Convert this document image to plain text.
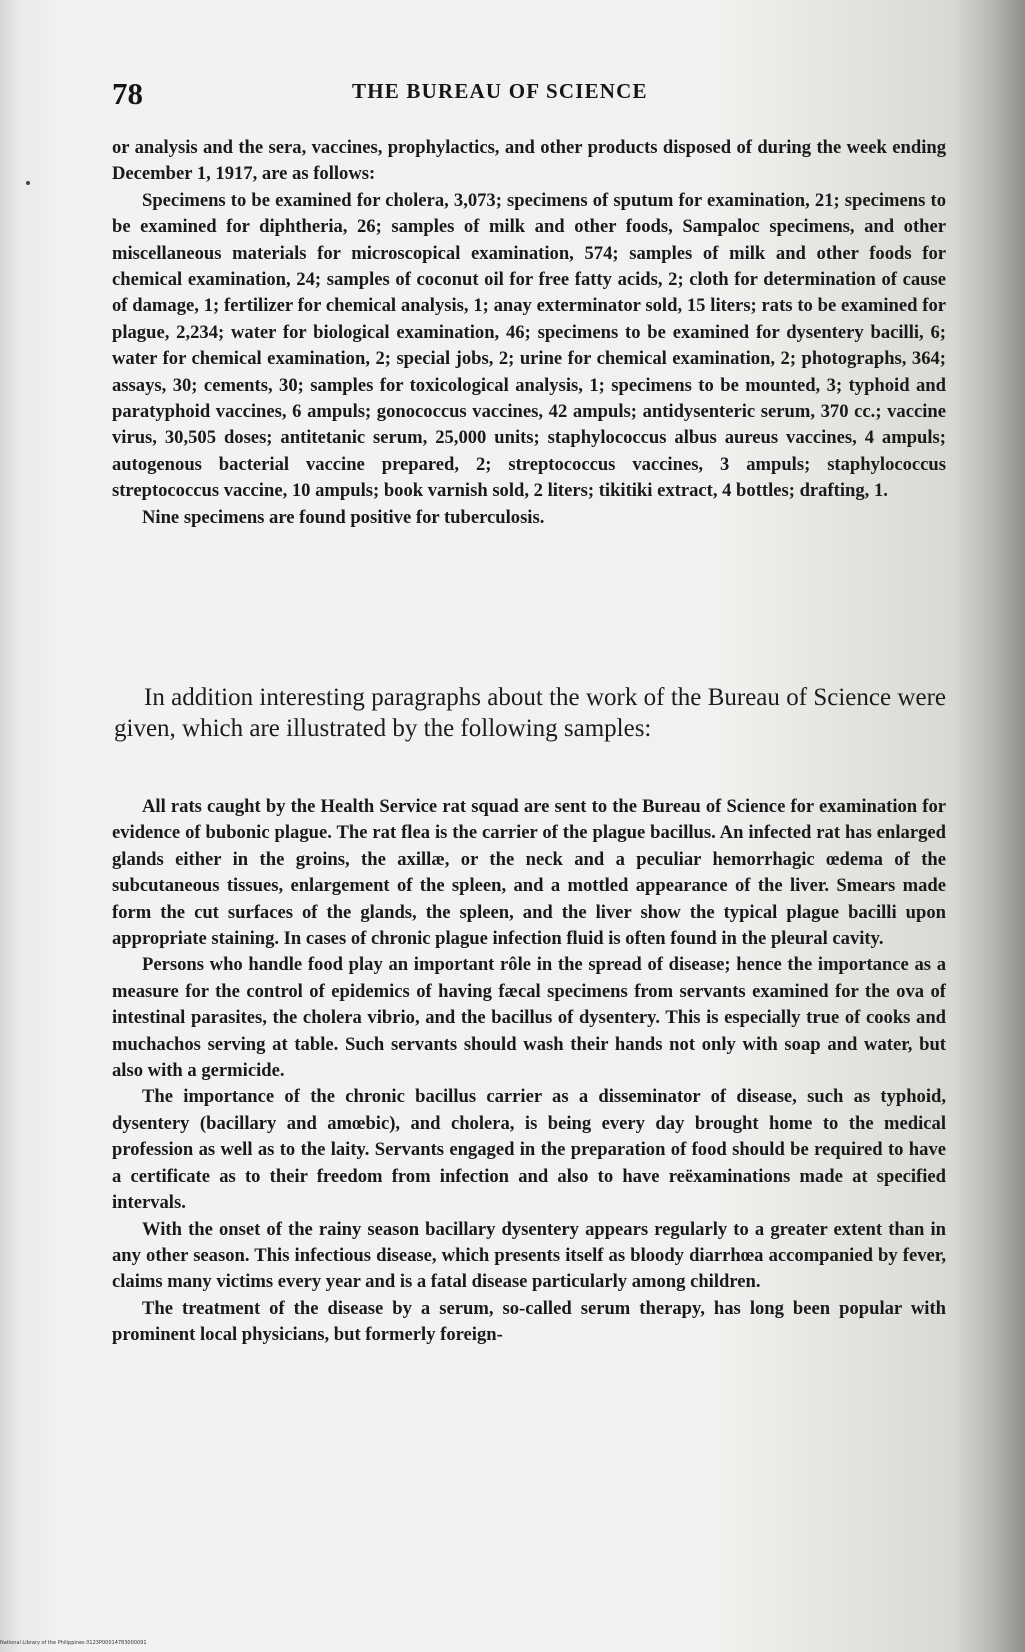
78	THE BUREAU OF SCIENCE

or analysis and the sera, vaccines, prophylactics, and other products disposed of during the week ending December 1, 1917, are as follows:

Specimens to be examined for cholera, 3,073; specimens of sputum for examination, 21; specimens to be examined for diphtheria, 26; samples of milk and other foods, Sampaloc specimens, and other miscellaneous materials for microscopical examination, 574; samples of milk and other foods for chemical examination, 24; samples of coconut oil for free fatty acids, 2; cloth for determination of cause of damage, 1; fertilizer for chemical analysis, 1; anay exterminator sold, 15 liters; rats to be examined for plague, 2,234; water for biological examination, 46; specimens to be examined for dysentery bacilli, 6; water for chemical examination, 2; special jobs, 2; urine for chemical examination, 2; photographs, 364; assays, 30; cements, 30; samples for toxicological analysis, 1; specimens to be mounted, 3; typhoid and paratyphoid vaccines, 6 ampuls; gonococcus vaccines, 42 ampuls; antidysenteric serum, 370 cc.; vaccine virus, 30,505 doses; antitetanic serum, 25,000 units; staphylococcus albus aureus vaccines, 4 ampuls; autogenous bacterial vaccine prepared, 2; streptococcus vaccines, 3 ampuls; staphylococcus streptococcus vaccine, 10 ampuls; book varnish sold, 2 liters; tikitiki extract, 4 bottles; drafting, 1.

Nine specimens are found positive for tuberculosis.

In addition interesting paragraphs about the work of the Bureau of Science were given, which are illustrated by the following samples:

All rats caught by the Health Service rat squad are sent to the Bureau of Science for examination for evidence of bubonic plague. The rat flea is the carrier of the plague bacillus. An infected rat has enlarged glands either in the groins, the axillæ, or the neck and a peculiar hemorrhagic œdema of the subcutaneous tissues, enlargement of the spleen, and a mottled appearance of the liver. Smears made form the cut surfaces of the glands, the spleen, and the liver show the typical plague bacilli upon appropriate staining. In cases of chronic plague infection fluid is often found in the pleural cavity.

Persons who handle food play an important rôle in the spread of disease; hence the importance as a measure for the control of epidemics of having fæcal specimens from servants examined for the ova of intestinal parasites, the cholera vibrio, and the bacillus of dysentery. This is especially true of cooks and muchachos serving at table. Such servants should wash their hands not only with soap and water, but also with a germicide.

The importance of the chronic bacillus carrier as a disseminator of disease, such as typhoid, dysentery (bacillary and amœbic), and cholera, is being every day brought home to the medical profession as well as to the laity. Servants engaged in the preparation of food should be required to have a certificate as to their freedom from infection and also to have reëxaminations made at specified intervals.

With the onset of the rainy season bacillary dysentery appears regularly to a greater extent than in any other season. This infectious disease, which presents itself as bloody diarrhœa accompanied by fever, claims many victims every year and is a fatal disease particularly among children.

The treatment of the disease by a serum, so-called serum therapy, has long been popular with prominent local physicians, but formerly foreign-

National Library of the Philippines 0123P00014783000091
